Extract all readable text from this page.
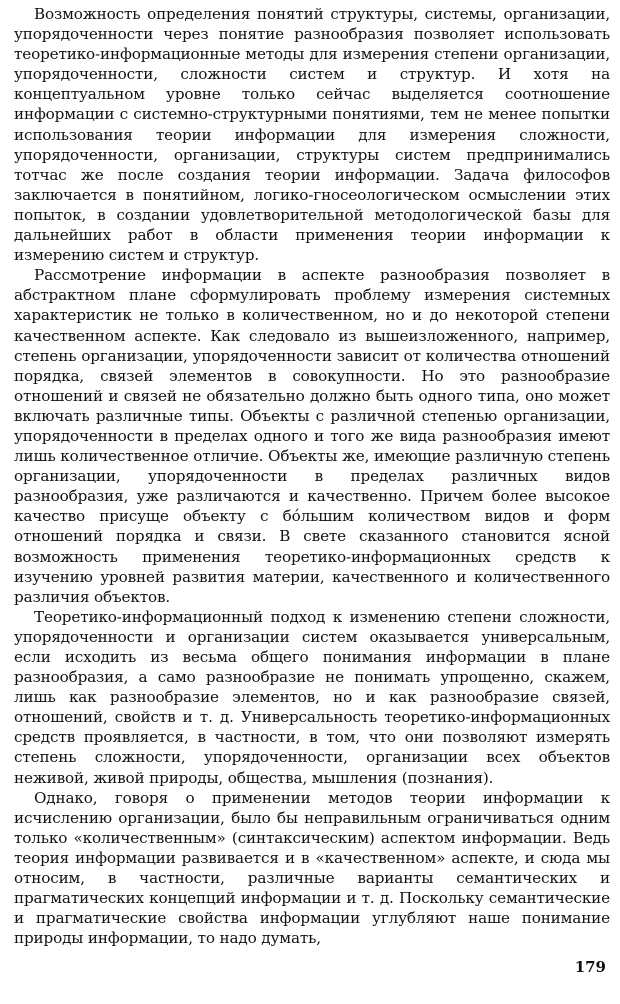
Возможность определения понятий структуры, системы, организации, упорядоченности через понятие разнообразия позволяет использовать теоретико-информационные методы для измерения степени организации, упорядоченности, сложности систем и структур. И хотя на концептуальном уровне только сейчас выделяется соотношение информации с системно-структурными понятиями, тем не менее попытки использования теории информации для измерения сложности, упорядоченности, организации, структуры систем предпринимались тотчас же после создания теории информации. Задача философов заключается в понятийном, логико-гносеологическом осмыслении этих попыток, в создании удовлетворительной методологической базы для дальнейших работ в области применения теории информации к измерению систем и структур.

Рассмотрение информации в аспекте разнообразия позволяет в абстрактном плане сформулировать проблему измерения системных характеристик не только в количественном, но и до некоторой степени качественном аспекте. Как следовало из вышеизложенного, например, степень организации, упорядоченности зависит от количества отношений порядка, связей элементов в совокупности. Но это разнообразие отношений и связей не обязательно должно быть одного типа, оно может включать различные типы. Объекты с различной степенью организации, упорядоченности в пределах одного и того же вида разнообразия имеют лишь количественное отличие. Объекты же, имеющие различную степень организации, упорядоченности в пределах различных видов разнообразия, уже различаются и качественно. Причем более высокое качество присуще объекту с бо́льшим количеством видов и форм отношений порядка и связи. В свете сказанного становится ясной возможность применения теоретико-информационных средств к изучению уровней развития материи, качественного и количественного различия объектов.

Теоретико-информационный подход к изменению степени сложности, упорядоченности и организации систем оказывается универсальным, если исходить из весьма общего понимания информации в плане разнообразия, а само разнообразие не понимать упрощенно, скажем, лишь как разнообразие элементов, но и как разнообразие связей, отношений, свойств и т. д. Универсальность теоретико-информационных средств проявляется, в частности, в том, что они позволяют измерять степень сложности, упорядоченности, организации всех объектов неживой, живой природы, общества, мышления (познания).

Однако, говоря о применении методов теории информации к исчислению организации, было бы неправильным ограничиваться одним только «количественным» (синтаксическим) аспектом информации. Ведь теория информации развивается и в «качественном» аспекте, и сюда мы относим, в частности, различные варианты семантических и прагматических концепций информации и т. д. Поскольку семантические и прагматические свойства информации углубляют наше понимание природы информации, то надо думать,

179
